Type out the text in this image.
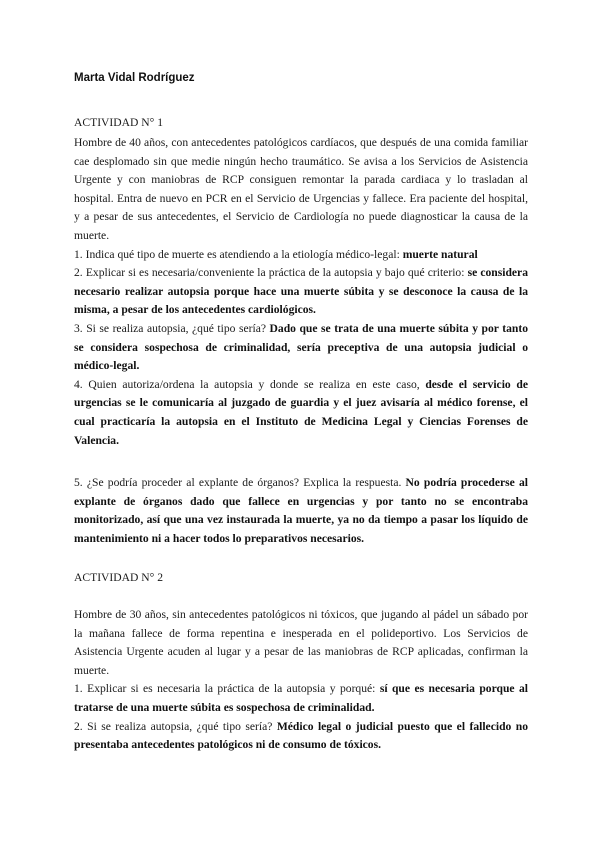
Marta Vidal Rodríguez
ACTIVIDAD N° 1

Hombre de 40 años, con antecedentes patológicos cardíacos, que después de una comida familiar cae desplomado sin que medie ningún hecho traumático. Se avisa a los Servicios de Asistencia Urgente y con maniobras de RCP consiguen remontar la parada cardiaca y lo trasladan al hospital. Entra de nuevo en PCR en el Servicio de Urgencias y fallece. Era paciente del hospital, y a pesar de sus antecedentes, el Servicio de Cardiología no puede diagnosticar la causa de la muerte.

1. Indica qué tipo de muerte es atendiendo a la etiología médico-legal: muerte natural

2. Explicar si es necesaria/conveniente la práctica de la autopsia y bajo qué criterio: se considera necesario realizar autopsia porque hace una muerte súbita y se desconoce la causa de la misma, a pesar de los antecedentes cardiológicos.

3. Si se realiza autopsia, ¿qué tipo sería? Dado que se trata de una muerte súbita y por tanto se considera sospechosa de criminalidad, sería preceptiva de una autopsia judicial o médico-legal.

4. Quien autoriza/ordena la autopsia y donde se realiza en este caso, desde el servicio de urgencias se le comunicaría al juzgado de guardia y el juez avisaría al médico forense, el cual practicaría la autopsia en el Instituto de Medicina Legal y Ciencias Forenses de Valencia.

5. ¿Se podría proceder al explante de órganos? Explica la respuesta. No podría procederse al explante de órganos dado que fallece en urgencias y por tanto no se encontraba monitorizado, así que una vez instaurada la muerte, ya no da tiempo a pasar los líquido de mantenimiento ni a hacer todos lo preparativos necesarios.

ACTIVIDAD N° 2

Hombre de 30 años, sin antecedentes patológicos ni tóxicos, que jugando al pádel un sábado por la mañana fallece de forma repentina e inesperada en el polideportivo. Los Servicios de Asistencia Urgente acuden al lugar y a pesar de las maniobras de RCP aplicadas, confirman la muerte.

1. Explicar si es necesaria la práctica de la autopsia y porqué: sí que es necesaria porque al tratarse de una muerte súbita es sospechosa de criminalidad.

2. Si se realiza autopsia, ¿qué tipo sería? Médico legal o judicial puesto que el fallecido no presentaba antecedentes patológicos ni de consumo de tóxicos.
